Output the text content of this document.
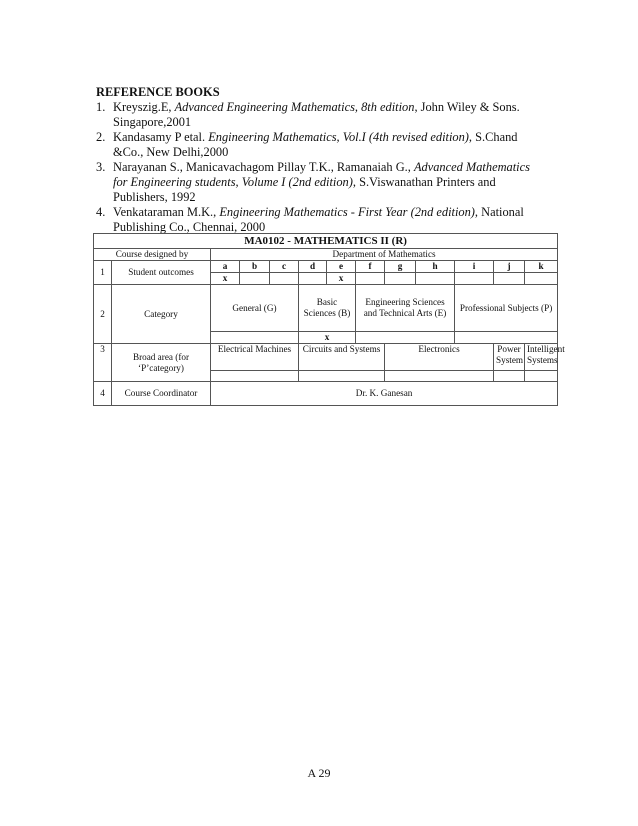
REFERENCE BOOKS

1. Kreyszig.E, Advanced Engineering Mathematics, 8th edition, John Wiley & Sons. Singapore,2001
2. Kandasamy P etal. Engineering Mathematics, Vol.I (4th revised edition), S.Chand &Co., New Delhi,2000
3. Narayanan S., Manicavachagom Pillay T.K., Ramanaiah G., Advanced Mathematics for Engineering students, Volume I (2nd edition), S.Viswanathan Printers and Publishers, 1992
4. Venkataraman M.K., Engineering Mathematics - First Year (2nd edition), National Publishing Co., Chennai, 2000
MA0102 - MATHEMATICS II (R)												
Course designed by		Department of Mathematics										
1	Student outcomes	a	b	c	d	e	f	g	h	i	j	k
		x				x						
2	Category	General (G)			Basic Sciences (B)		Engineering Sciences and Technical Arts (E)			Professional Subjects (P)		
					x							
3	Broad area (for ‘P’category)	Electrical Machines			Circuits and Systems			Electronics			Power System	Intelligent Systems

4	Course Coordinator	Dr. K. Ganesan										
A 29
